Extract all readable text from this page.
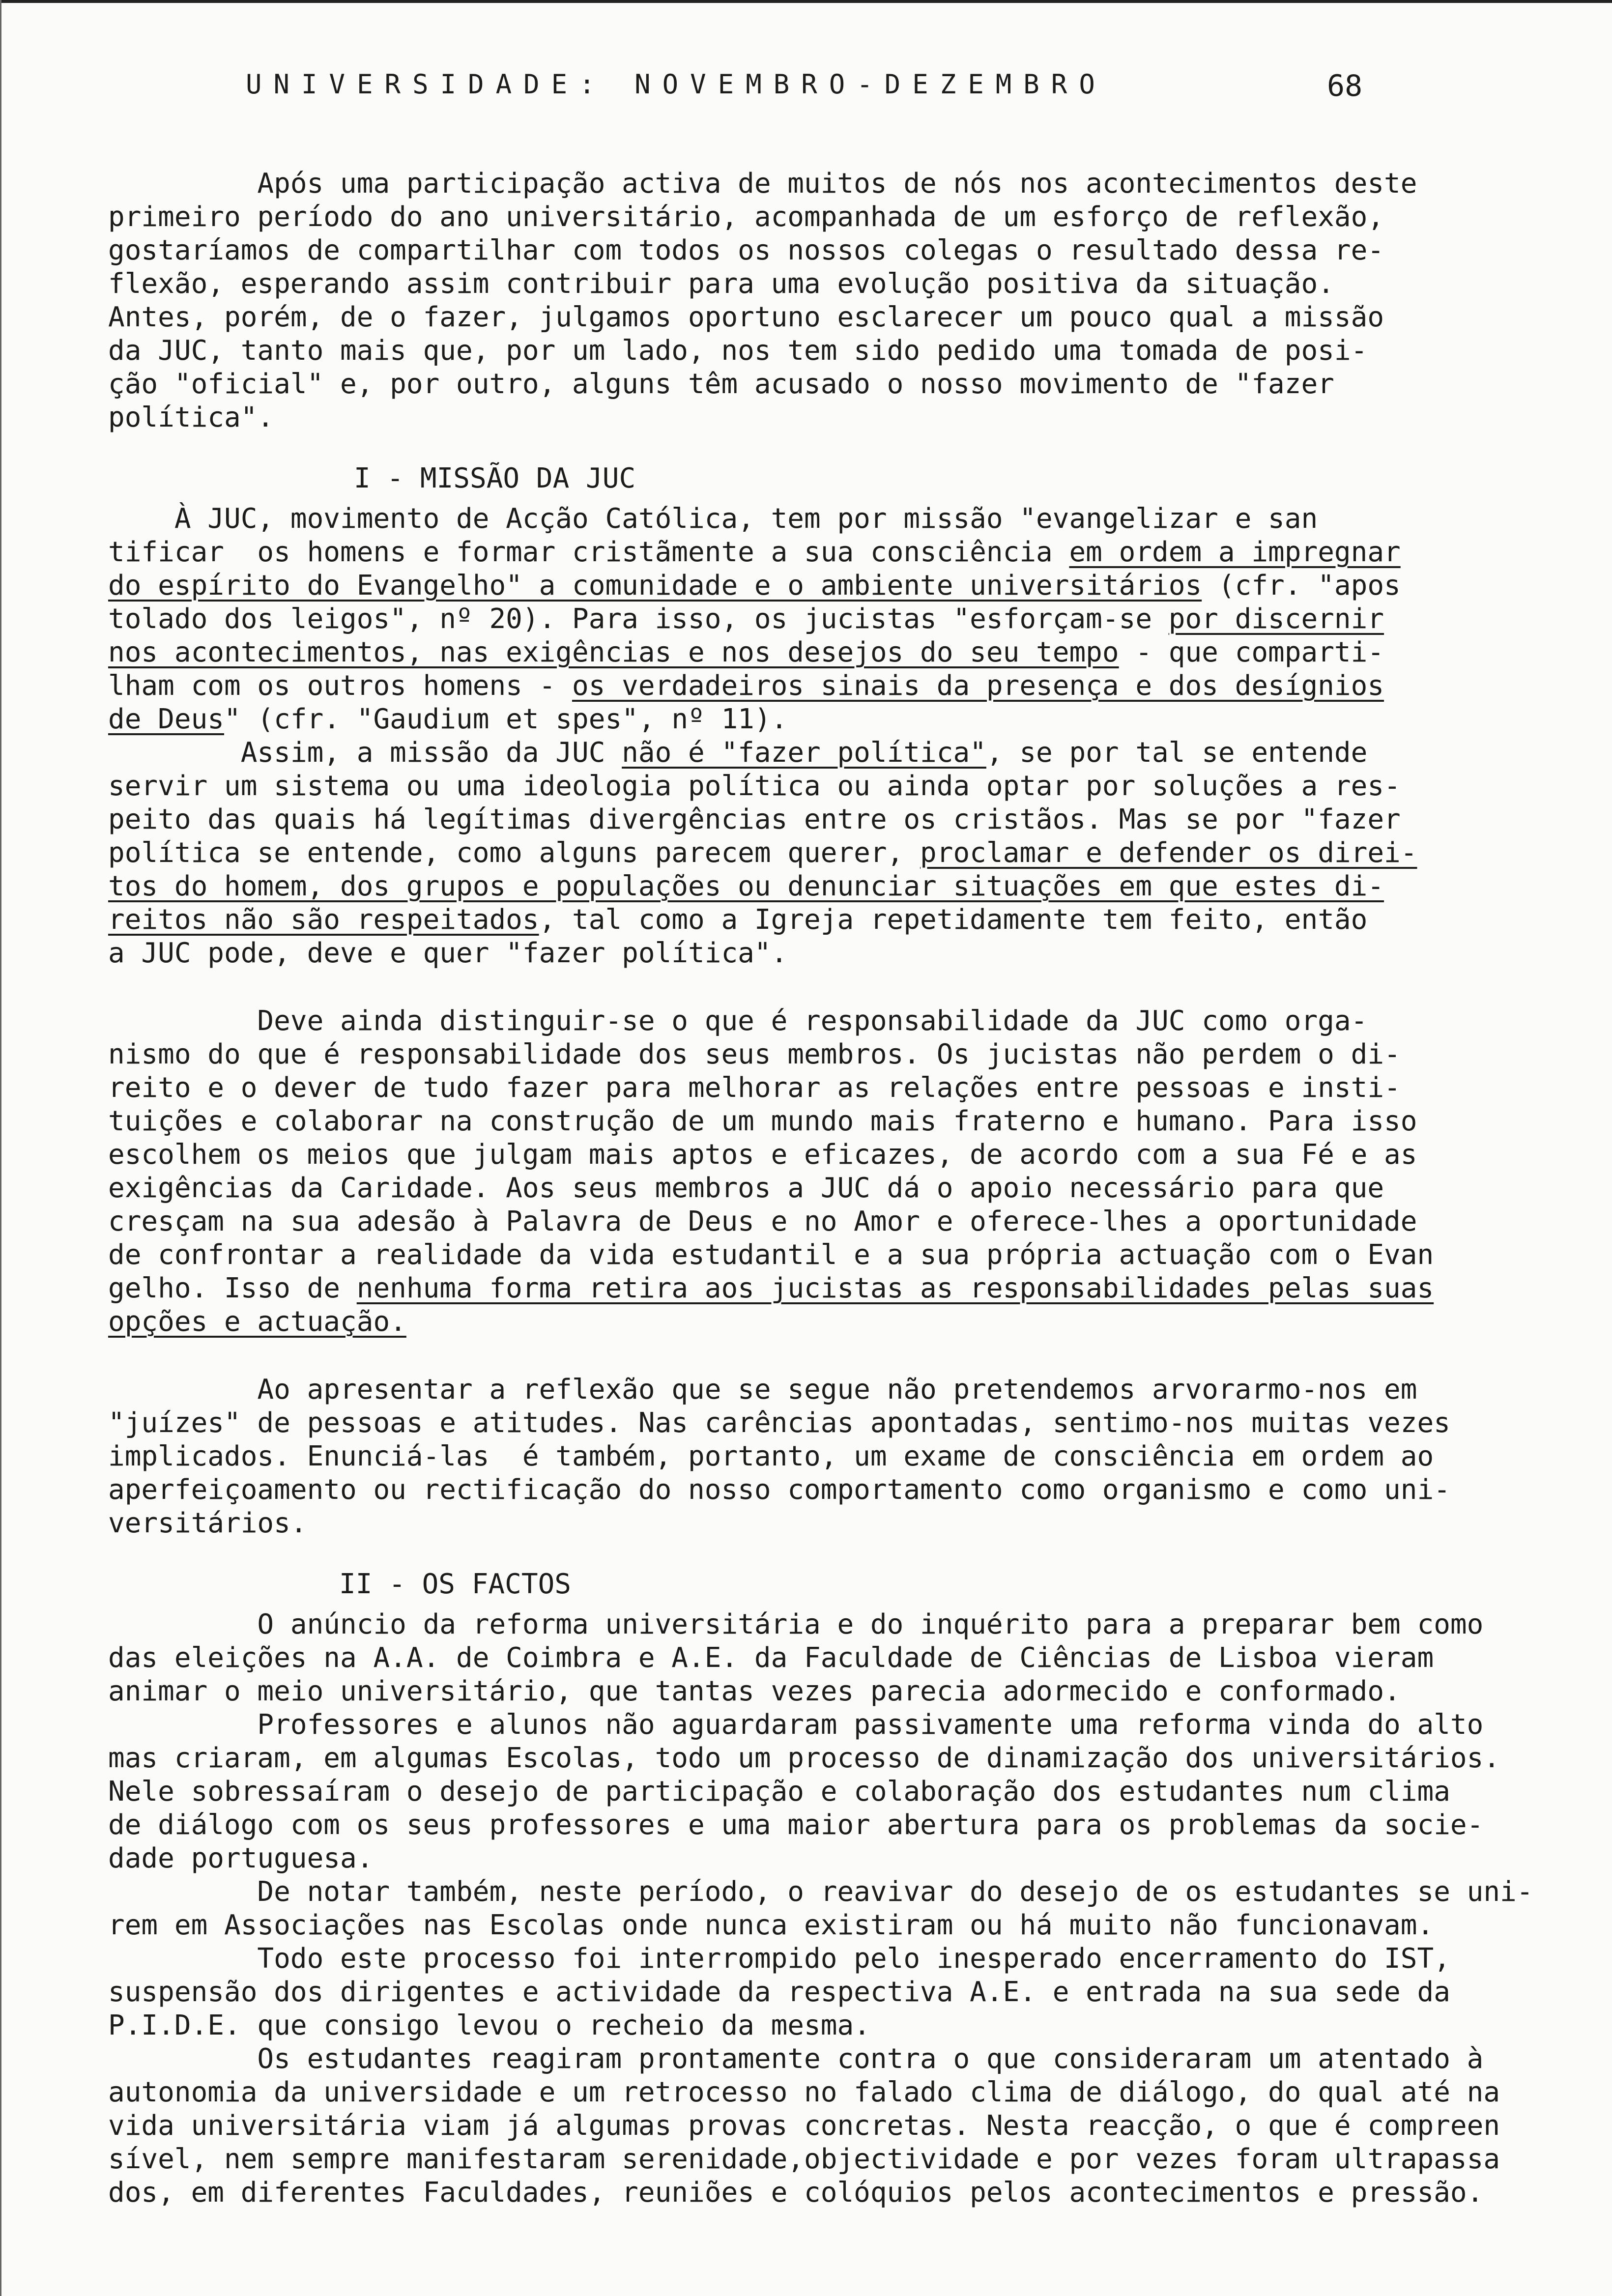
UNIVERSIDADE: NOVEMBRO-DEZEMBRO	68
Após uma participação activa de muitos de nós nos acontecimentos deste
primeiro período do ano universitário, acompanhada de um esforço de reflexão,
gostaríamos de compartilhar com todos os nossos colegas o resultado dessa re-
flexão, esperando assim contribuir para uma evolução positiva da situação.
Antes, porém, de o fazer, julgamos oportuno esclarecer um pouco qual a missão
da JUC, tanto mais que, por um lado, nos tem sido pedido uma tomada de posi-
ção "oficial" e, por outro, alguns têm acusado o nosso movimento de "fazer
política".
I - MISSÃO DA JUC
À JUC, movimento de Acção Católica, tem por missão "evangelizar e san
tificar  os homens e formar cristãmente a sua consciência em ordem a impregnar
do espírito do Evangelho" a comunidade e o ambiente universitários (cfr. "apos
tolado dos leigos", nº 20). Para isso, os jucistas "esforçam-se por discernir
nos acontecimentos, nas exigências e nos desejos do seu tempo - que comparti-
lham com os outros homens - os verdadeiros sinais da presença e dos desígnios
de Deus" (cfr. "Gaudium et spes", nº 11).
Assim, a missão da JUC não é "fazer política", se por tal se entende
servir um sistema ou uma ideologia política ou ainda optar por soluções a res-
peito das quais há legítimas divergências entre os cristãos. Mas se por "fazer
política se entende, como alguns parecem querer, proclamar e defender os direi-
tos do homem, dos grupos e populações ou denunciar situações em que estes di-
reitos não são respeitados, tal como a Igreja repetidamente tem feito, então
a JUC pode, deve e quer "fazer política".
Deve ainda distinguir-se o que é responsabilidade da JUC como orga-
nismo do que é responsabilidade dos seus membros. Os jucistas não perdem o di-
reito e o dever de tudo fazer para melhorar as relações entre pessoas e insti-
tuições e colaborar na construção de um mundo mais fraterno e humano. Para isso
escolhem os meios que julgam mais aptos e eficazes, de acordo com a sua Fé e as
exigências da Caridade. Aos seus membros a JUC dá o apoio necessário para que
cresçam na sua adesão à Palavra de Deus e no Amor e oferece-lhes a oportunidade
de confrontar a realidade da vida estudantil e a sua própria actuação com o Evan
gelho. Isso de nenhuma forma retira aos jucistas as responsabilidades pelas suas
opções e actuação.
Ao apresentar a reflexão que se segue não pretendemos arvorarmo-nos em
"juízes" de pessoas e atitudes. Nas carências apontadas, sentimo-nos muitas vezes
implicados. Enunciá-las  é também, portanto, um exame de consciência em ordem ao
aperfeiçoamento ou rectificação do nosso comportamento como organismo e como uni-
versitários.
II - OS FACTOS
O anúncio da reforma universitária e do inquérito para a preparar bem como
das eleições na A.A. de Coimbra e A.E. da Faculdade de Ciências de Lisboa vieram
animar o meio universitário, que tantas vezes parecia adormecido e conformado.
Professores e alunos não aguardaram passivamente uma reforma vinda do alto
mas criaram, em algumas Escolas, todo um processo de dinamização dos universitários.
Nele sobressaíram o desejo de participação e colaboração dos estudantes num clima
de diálogo com os seus professores e uma maior abertura para os problemas da socie-
dade portuguesa.
De notar também, neste período, o reavivar do desejo de os estudantes se uni-
rem em Associações nas Escolas onde nunca existiram ou há muito não funcionavam.
Todo este processo foi interrompido pelo inesperado encerramento do IST,
suspensão dos dirigentes e actividade da respectiva A.E. e entrada na sua sede da
P.I.D.E. que consigo levou o recheio da mesma.
Os estudantes reagiram prontamente contra o que consideraram um atentado à
autonomia da universidade e um retrocesso no falado clima de diálogo, do qual até na
vida universitária viam já algumas provas concretas. Nesta reacção, o que é compreen
sível, nem sempre manifestaram serenidade,objectividade e por vezes foram ultrapassa
dos, em diferentes Faculdades, reuniões e colóquios pelos acontecimentos e pressão.
